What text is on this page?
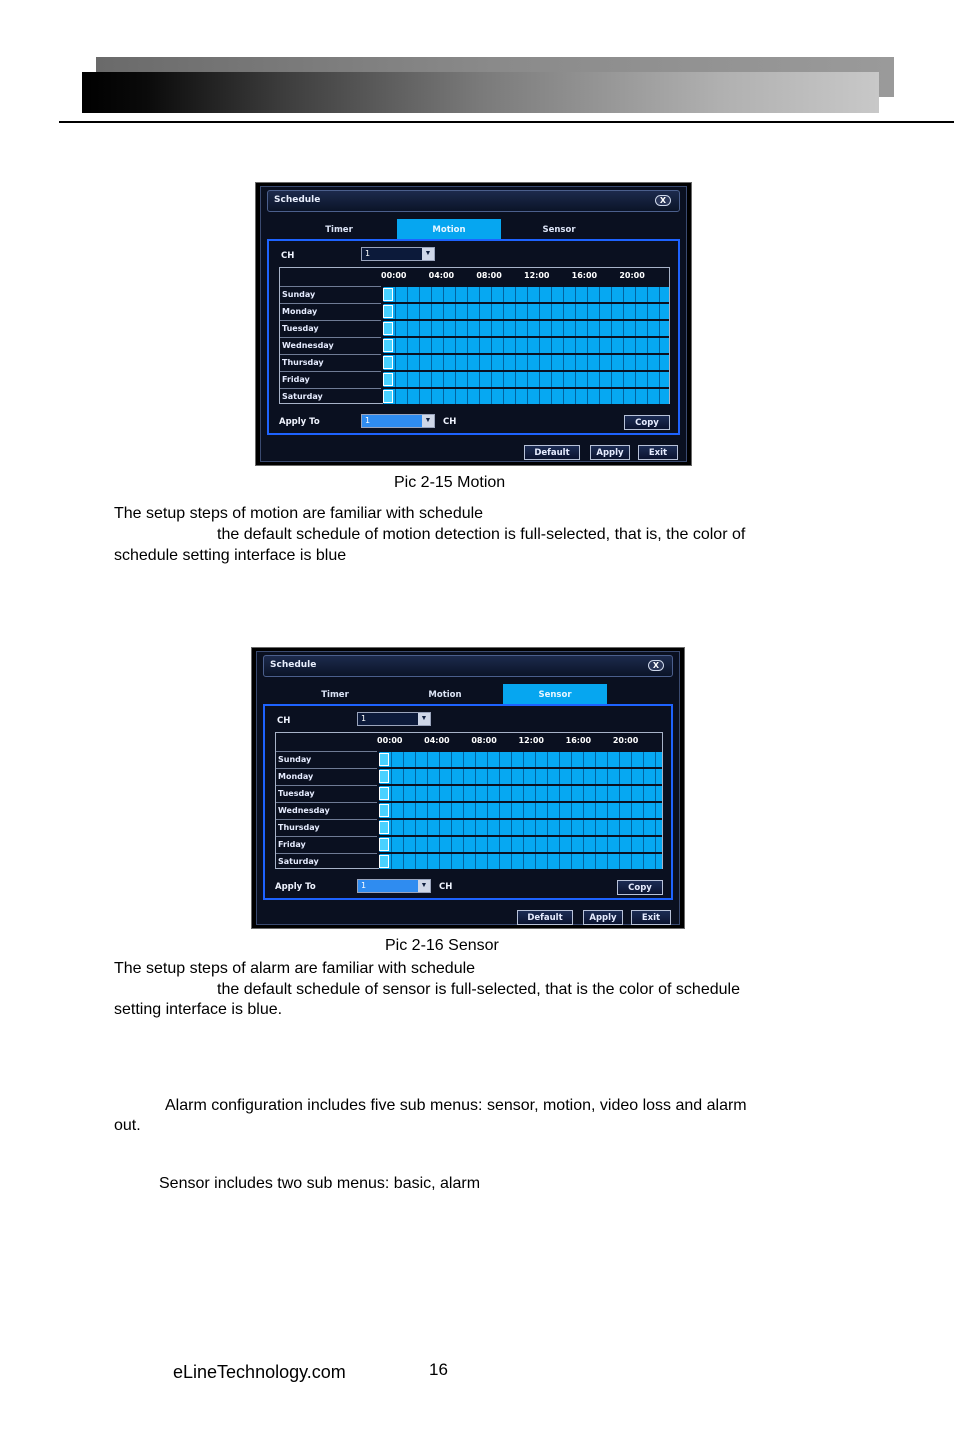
Schedule	X
Timer	Motion	Sensor
CH	1	▼
00:00	04:00	08:00	12:00	16:00	20:00
Sunday
Monday
Tuesday
Wednesday
Thursday
Friday
Saturday
Apply To	1	▼ CH	Copy
Default	Apply	Exit
Pic 2-15 Motion
The setup steps of motion are familiar with schedule
the default schedule of motion detection is full-selected, that is, the color of
schedule setting interface is blue
Schedule	X
Timer	Motion	Sensor
CH	1	▼
00:00	04:00	08:00	12:00	16:00	20:00
Sunday
Monday
Tuesday
Wednesday
Thursday
Friday
Saturday
Apply To	1	▼ CH	Copy
Default	Apply	Exit
Pic 2-16 Sensor
The setup steps of alarm are familiar with schedule
the default schedule of sensor is full-selected, that is the color of schedule
setting interface is blue.
Alarm configuration includes five sub menus: sensor, motion, video loss and alarm
out.
Sensor includes two sub menus: basic, alarm
eLineTechnology.com	16
